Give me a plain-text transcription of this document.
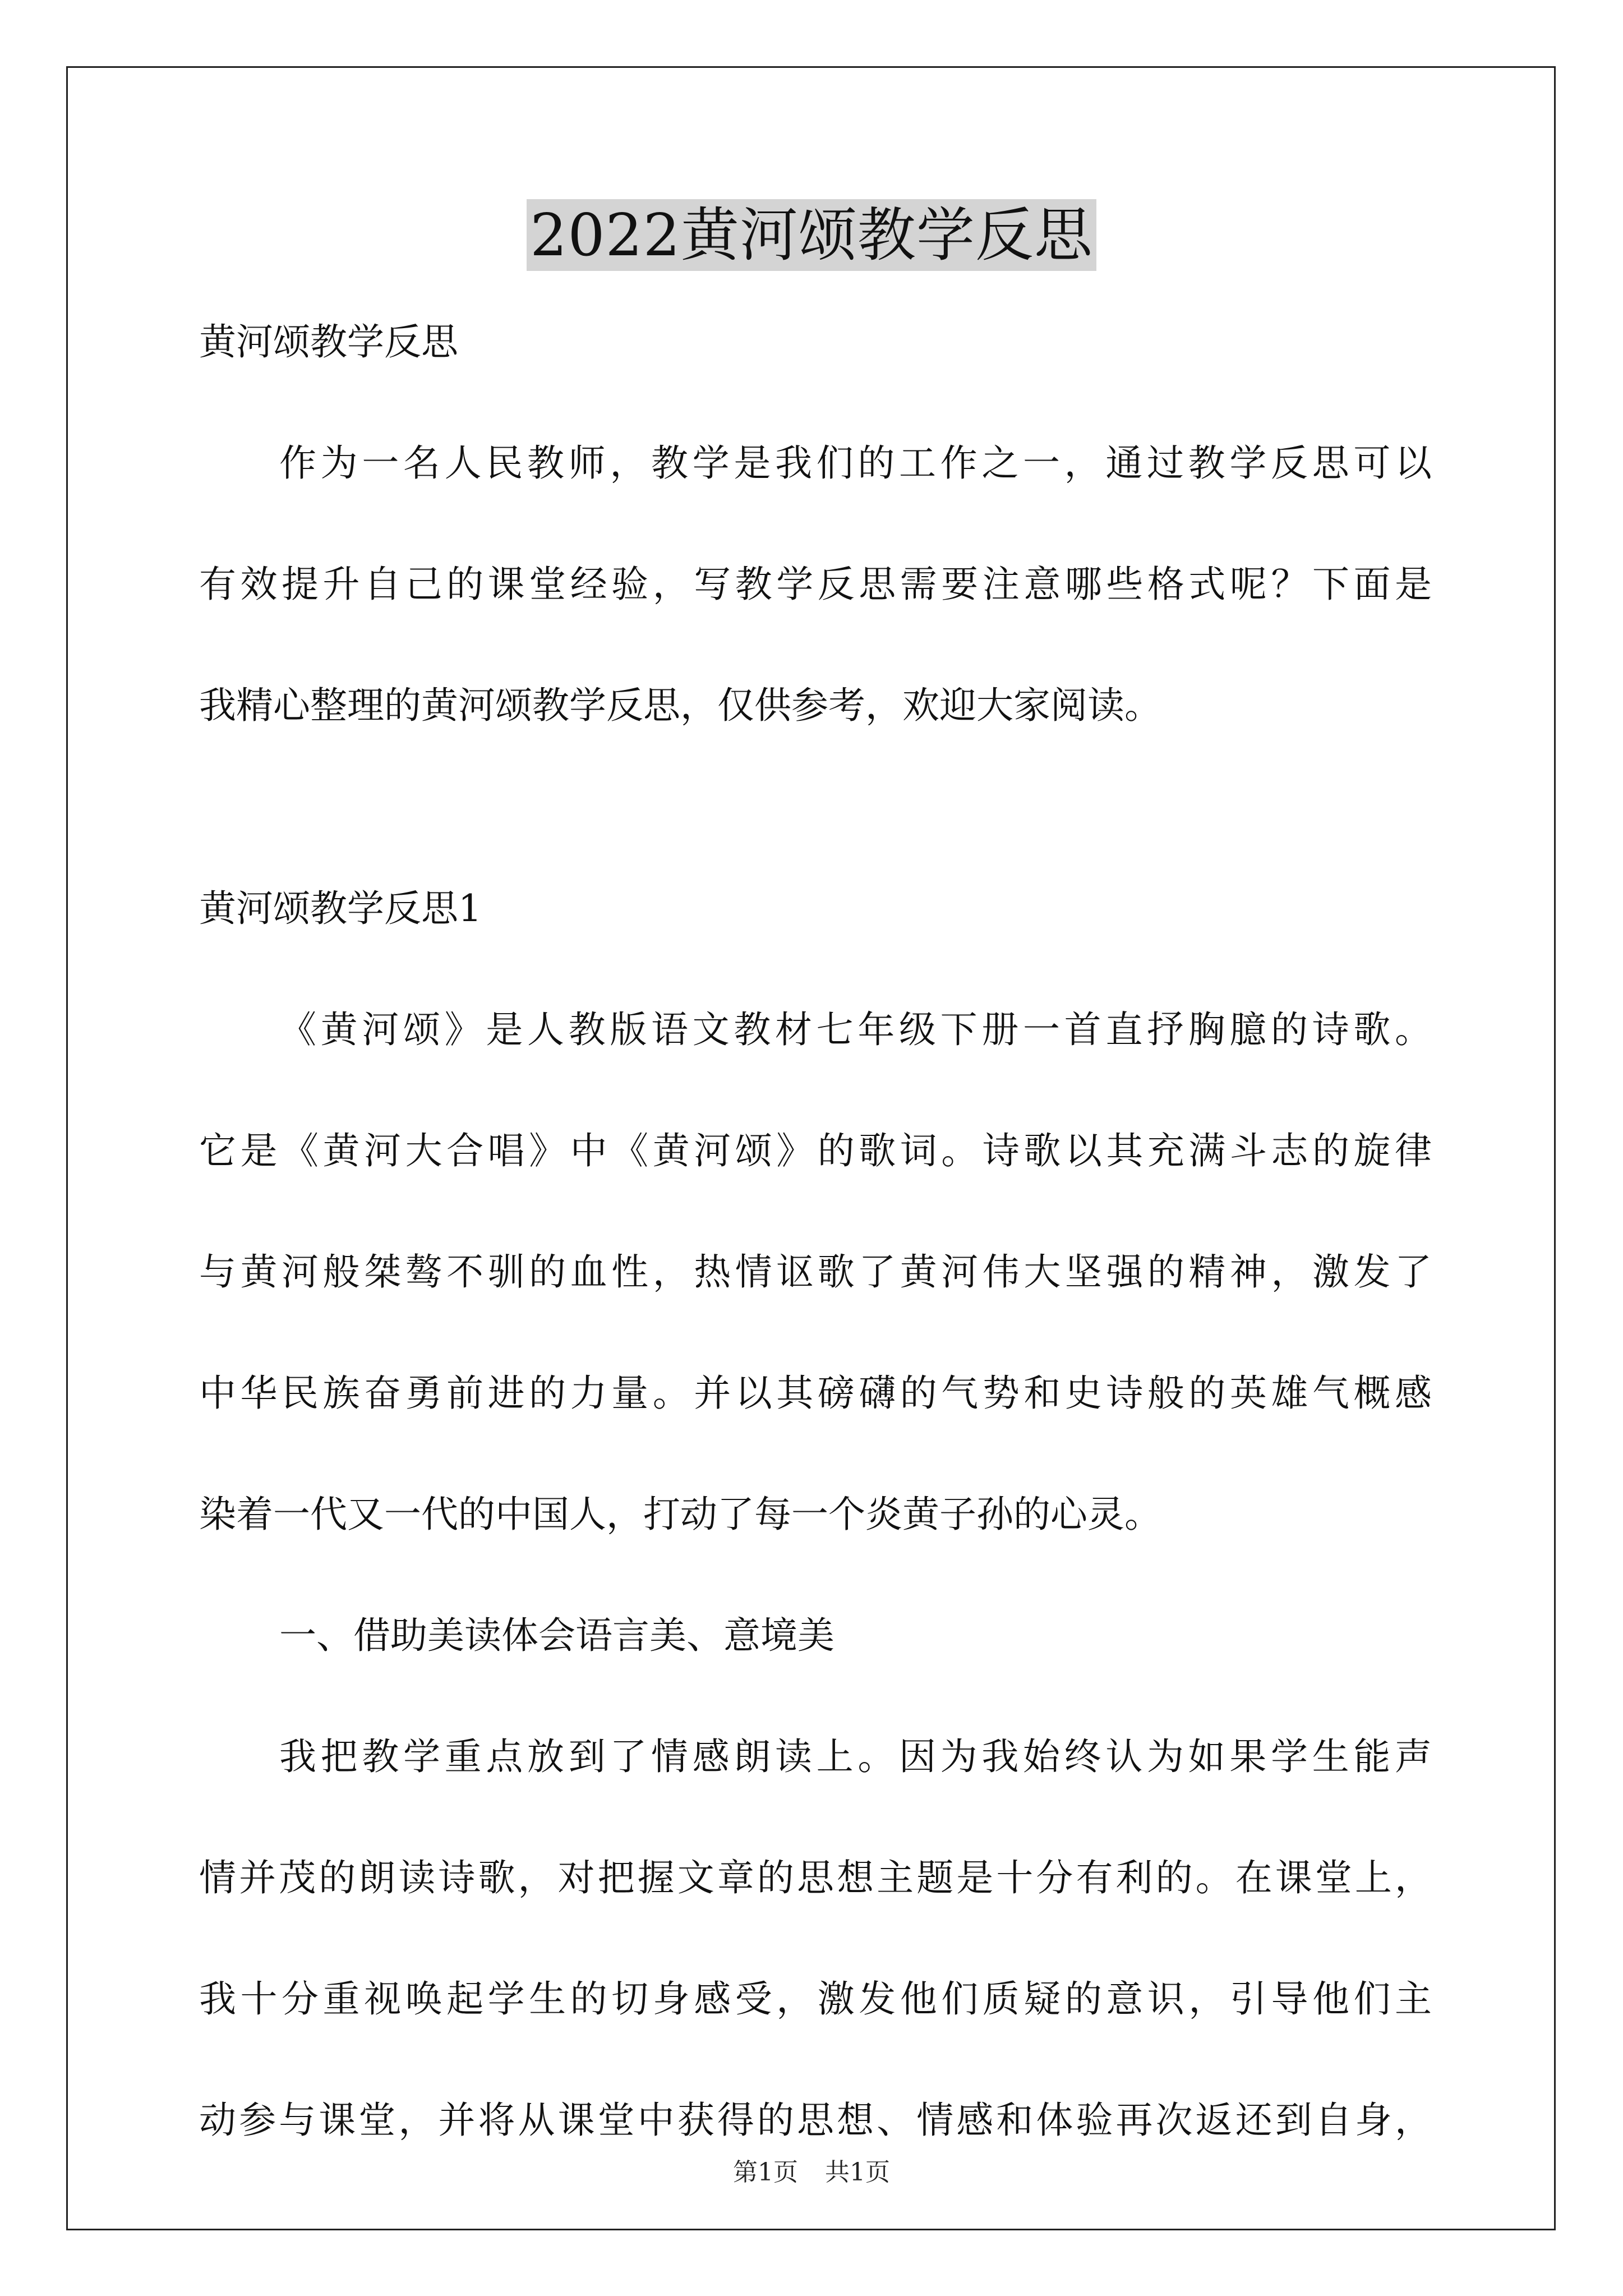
2022黄河颂教学反思
黄河颂教学反思
作为一名人民教师，教学是我们的工作之一，通过教学反思可以
有效提升自己的课堂经验，写教学反思需要注意哪些格式呢？下面是
我精心整理的黄河颂教学反思，仅供参考，欢迎大家阅读。
黄河颂教学反思1
《黄河颂》是人教版语文教材七年级下册一首直抒胸臆的诗歌。
它是《黄河大合唱》中《黄河颂》的歌词。诗歌以其充满斗志的旋律
与黄河般桀骜不驯的血性，热情讴歌了黄河伟大坚强的精神，激发了
中华民族奋勇前进的力量。并以其磅礴的气势和史诗般的英雄气概感
染着一代又一代的中国人，打动了每一个炎黄子孙的心灵。
一、借助美读体会语言美、意境美
我把教学重点放到了情感朗读上。因为我始终认为如果学生能声
情并茂的朗读诗歌，对把握文章的思想主题是十分有利的。在课堂上，
我十分重视唤起学生的切身感受，激发他们质疑的意识，引导他们主
动参与课堂，并将从课堂中获得的思想、情感和体验再次返还到自身，
第1页 共1页
